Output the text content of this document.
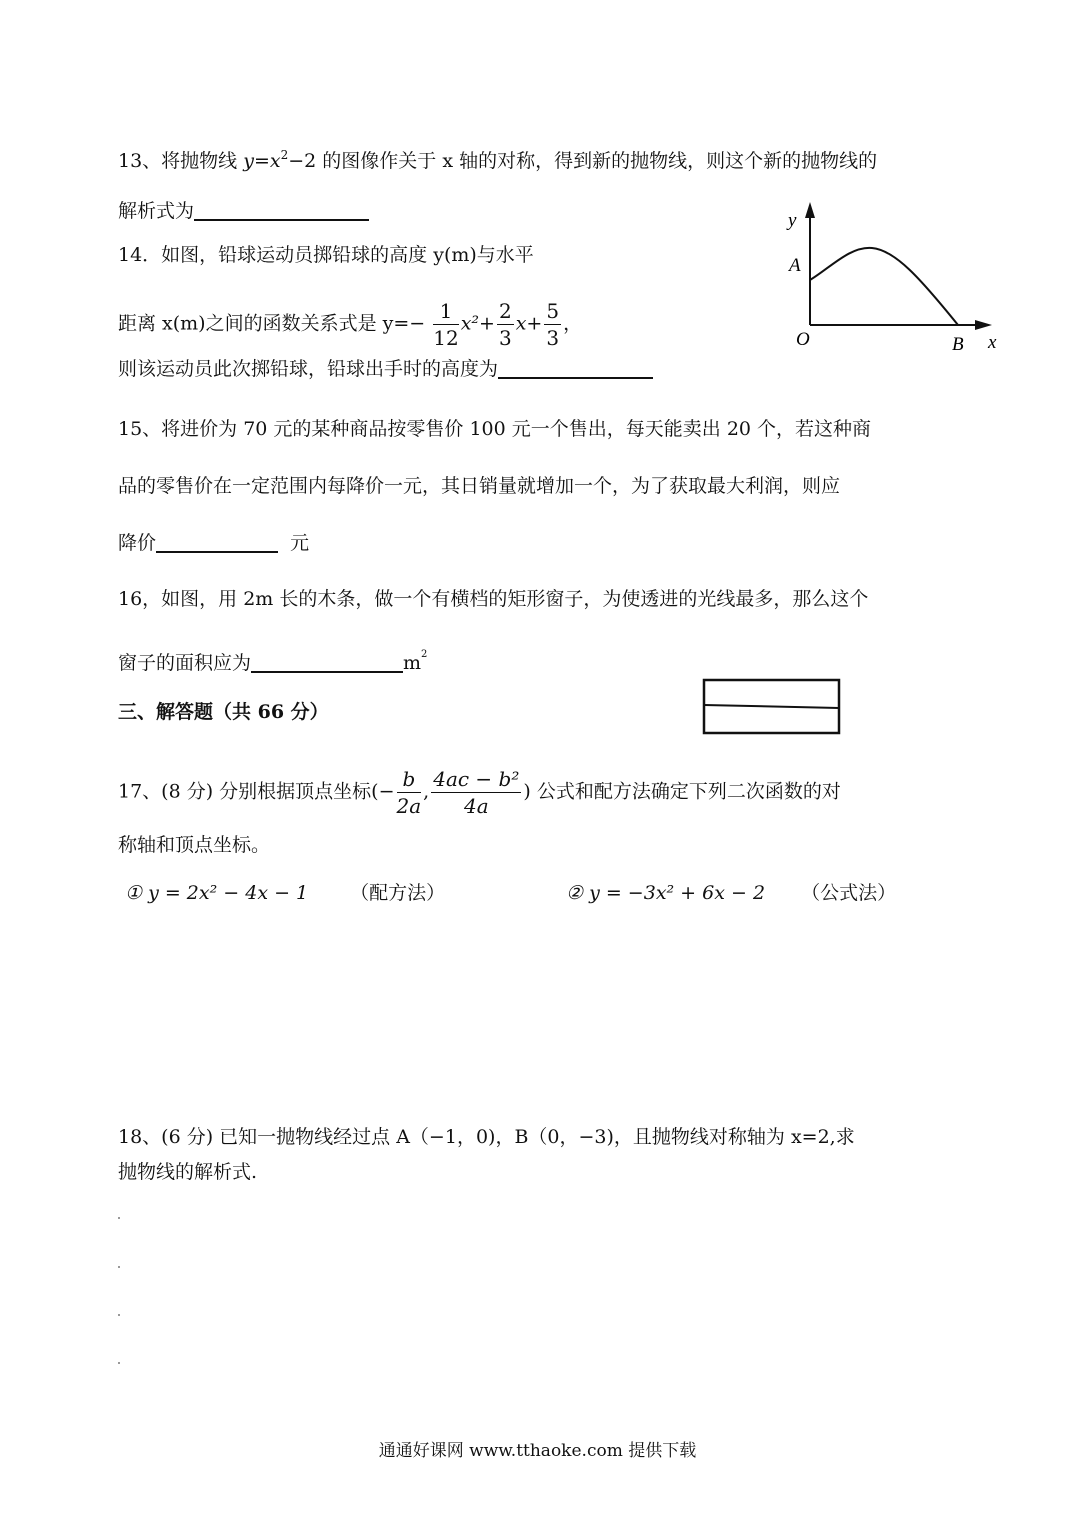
13、将抛物线 $y=x^2-2$ 的图像作关于 x 轴的对称，得到新的抛物线，则这个新的抛物线的
解析式为
14．如图，铅球运动员掷铅球的高度 y(m)与水平
距离 x(m)之间的函数关系式是 $y=- \frac{1}{12} x^2+ \frac{2}{3} x+ \frac{5}{3}$ ，
则该运动员此次掷铅球，铅球出手时的高度为
y
A
O	B x
15、将进价为 70 元的某种商品按零售价 100 元一个售出，每天能卖出 20 个，若这种商
品的零售价在一定范围内每降价一元，其日销量就增加一个，为了获取最大利润，则应
降价	元
16，如图，用 2m 长的木条，做一个有横档的矩形窗子，为使透进的光线最多，那么这个
窗子的面积应为	$m^2$
三、解答题（共 66 分）
17、(8 分) 分别根据顶点坐标(− $\frac{b}{2a}$ , $\frac{\text{4ac − b²}}{4a}$ ) 公式和配方法确定下列二次函数的对
称轴和顶点坐标。
① y = 2x² − 4x − 1 （配方法）	② y = −3x² + 6x − 2 （公式法）
18、(6 分) 已知一抛物线经过点 A（−1，0)，B（0，−3)，且抛物线对称轴为 x=2,求
抛物线的解析式.
通通好课网 www.tthaoke.com 提供下载
